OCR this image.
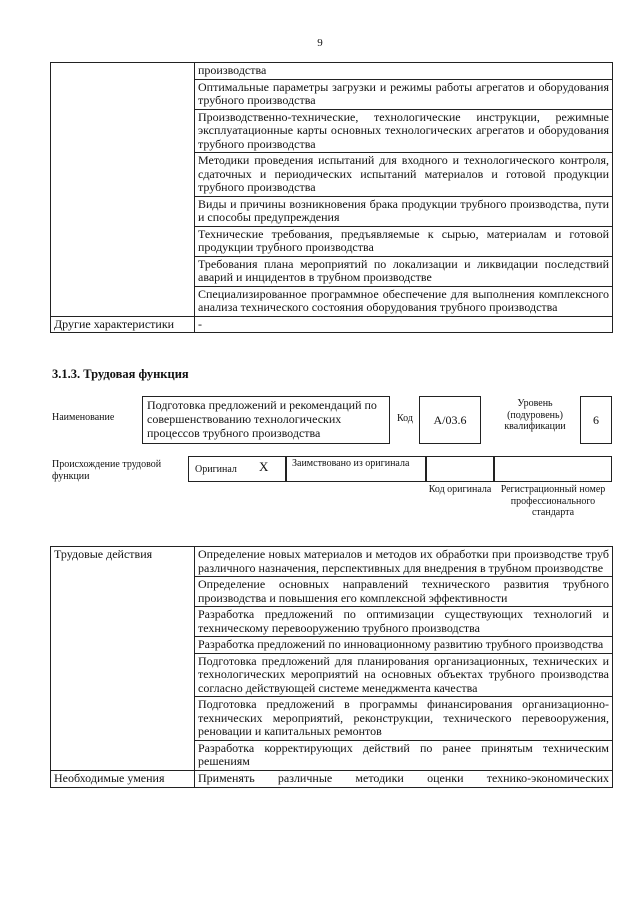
9
	производства
	Оптимальные параметры загрузки и режимы работы агрегатов и оборудования трубного производства
	Производственно-технические, технологические инструкции, режимные эксплуатационные карты основных технологических агрегатов и оборудования трубного производства
	Методики проведения испытаний для входного и технологического контроля, сдаточных и периодических испытаний материалов и готовой продукции трубного производства
	Виды и причины возникновения брака продукции трубного производства, пути и способы предупреждения
	Технические требования, предъявляемые к сырью, материалам и готовой продукции трубного производства
	Требования плана мероприятий по локализации и ликвидации последствий аварий и инцидентов в трубном производстве
	Специализированное программное обеспечение для выполнения комплексного анализа технического состояния оборудования трубного производства
Другие характеристики	-
3.1.3. Трудовая функция
Наименование
Подготовка предложений и рекомендаций по совершенствованию технологических процессов трубного производства
Код	А/03.6
Уровень (подуровень) квалификации	6
Происхождение трудовой функции
Оригинал X Заимствовано из оригинала
Код оригинала Регистрационный номер профессионального стандарта
Трудовые действия	Определение новых материалов и методов их обработки при производстве труб различного назначения, перспективных для внедрения в трубном производстве
	Определение основных направлений технического развития трубного производства и повышения его комплексной эффективности
	Разработка предложений по оптимизации существующих технологий и техническому перевооружению трубного производства
	Разработка предложений по инновационному развитию трубного производства
	Подготовка предложений для планирования организационных, технических и технологических мероприятий на основных объектах трубного производства согласно действующей системе менеджмента качества
	Подготовка предложений в программы финансирования организационно-технических мероприятий, реконструкции, технического перевооружения, реновации и капитальных ремонтов
	Разработка корректирующих действий по ранее принятым техническим решениям
Необходимые умения	Применять различные методики оценки технико-экономических
